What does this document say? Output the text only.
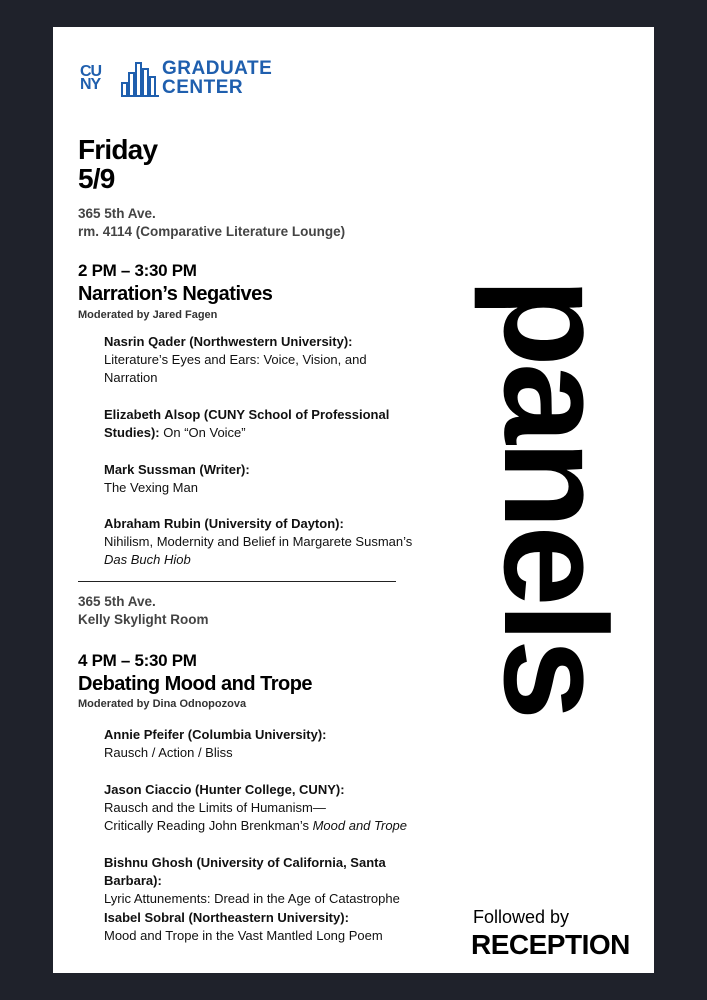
CU
NY
GRADUATE
CENTER
Friday
5/9
365 5th Ave.
rm. 4114 (Comparative Literature Lounge)
2 PM – 3:30 PM
Narration’s Negatives
Moderated by Jared Fagen
Nasrin Qader (Northwestern University):
Literature’s Eyes and Ears: Voice, Vision, and Narration
Elizabeth Alsop (CUNY School of Professional Studies): On “On Voice”
Mark Sussman (Writer):
The Vexing Man
Abraham Rubin (University of Dayton):
Nihilism, Modernity and Belief in Margarete Susman’s Das Buch Hiob
365 5th Ave.
Kelly Skylight Room
4 PM – 5:30 PM
Debating Mood and Trope
Moderated by Dina Odnopozova
Annie Pfeifer (Columbia University):
Rausch / Action / Bliss
Jason Ciaccio (Hunter College, CUNY):
Rausch and the Limits of Humanism—
Critically Reading John Brenkman’s Mood and Trope
Bishnu Ghosh (University of California, Santa Barbara):
Lyric Attunements: Dread in the Age of Catastrophe
Isabel Sobral (Northeastern University):
Mood and Trope in the Vast Mantled Long Poem
panels
Followed by
RECEPTION
